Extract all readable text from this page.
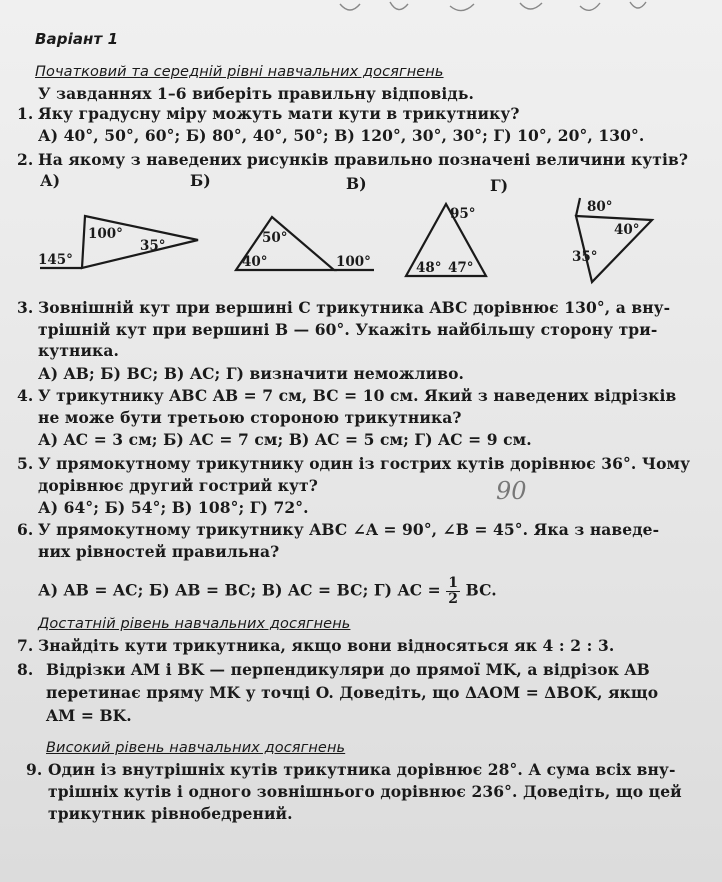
Варіант 1
Початковий та середній рівні навчальних досягнень
У завданнях 1–6 виберіть правильну відповідь.
1. Яку градусну міру можуть мати кути в трикутнику?
А) 40°, 50°, 60°; Б) 80°, 40°, 50°; В) 120°, 30°, 30°; Г) 10°, 20°, 130°.
2. На якому з наведених рисунків правильно позначені величини кутів?
А)	Б)	В)	Г)
100°
35°
145°
50°
40°	100°
95°
48° 47°
80°
40°
35°
3. Зовнішній кут при вершині C трикутника ABC дорівнює 130°, а вну-
трішній кут при вершині B — 60°. Укажіть найбільшу сторону три-
кутника.
А) AB; Б) BC; В) AC; Г) визначити неможливо.
4. У трикутнику ABC AB = 7 см, BC = 10 см. Який з наведених відрізків
не може бути третьою стороною трикутника?
А) AC = 3 см; Б) AC = 7 см; В) AC = 5 см; Г) AC = 9 см.
5. У прямокутному трикутнику один із гострих кутів дорівнює 36°. Чому
дорівнює другий гострий кут?
А) 64°; Б) 54°; В) 108°; Г) 72°.
90
6. У прямокутному трикутнику ABC ∠A = 90°, ∠B = 45°. Яка з наведе-
них рівностей правильна?
А) AB = AC; Б) AB = BC; В) AC = BC; Г) AC = $\frac{1}{2}$ BC.
Достатній рівень навчальних досягнень
7. Знайдіть кути трикутника, якщо вони відносяться як 4 : 2 : 3.
8. Відрізки AM і BK — перпендикуляри до прямої MK, а відрізок AB
перетинає пряму MK у точці O. Доведіть, що ΔAOM = ΔBOK, якщо
AM = BK.
Високий рівень навчальних досягнень
9. Один із внутрішніх кутів трикутника дорівнює 28°. А сума всіх вну-
трішніх кутів і одного зовнішнього дорівнює 236°. Доведіть, що цей
трикутник рівнобедрений.
